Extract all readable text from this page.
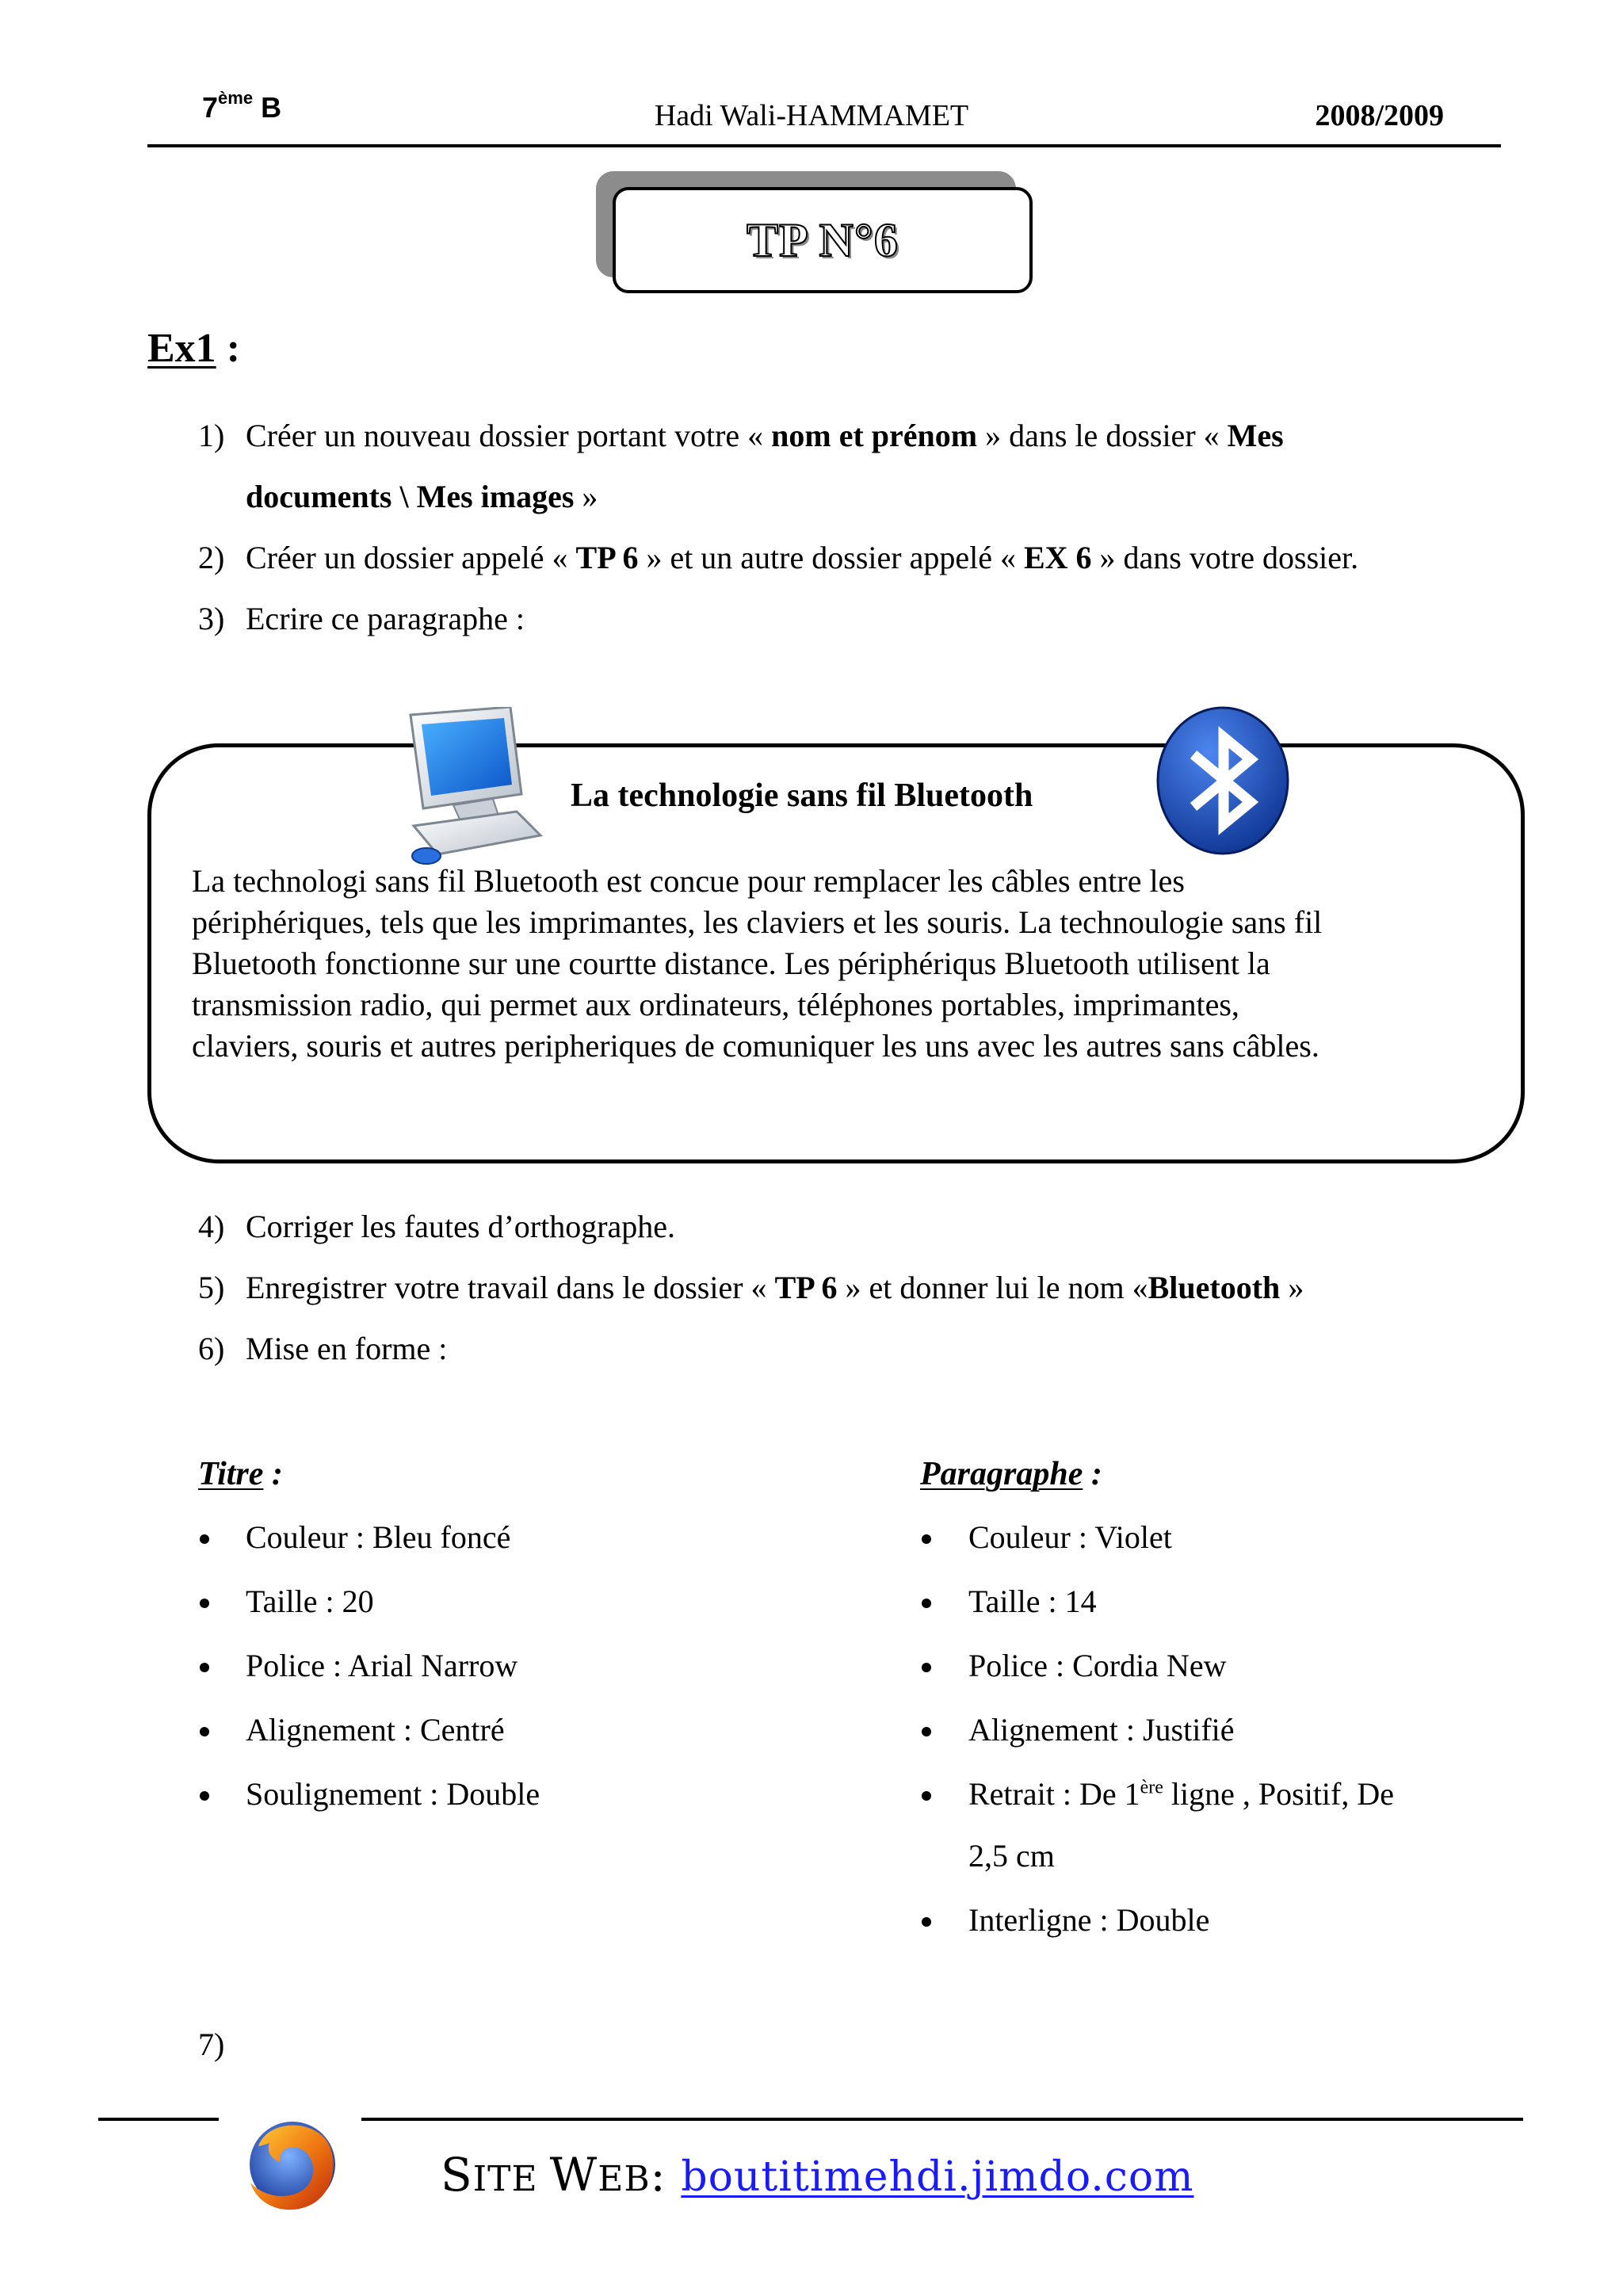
7ème B	Hadi Wali-HAMMAMET	2008/2009
TP N°6
Ex1 :
1) Créer un nouveau dossier portant votre « nom et prénom » dans le dossier « Mes
documents \ Mes images »
2) Créer un dossier appelé « TP 6 » et un autre dossier appelé « EX 6 » dans votre dossier.
3) Ecrire ce paragraphe :
La technologie sans fil Bluetooth
La technologi sans fil Bluetooth est concue pour remplacer les câbles entre les
périphériques, tels que les imprimantes, les claviers et les souris. La technoulogie sans fil
Bluetooth fonctionne sur une courtte distance. Les périphériqus Bluetooth utilisent la
transmission radio, qui permet aux ordinateurs, téléphones portables, imprimantes,
claviers, souris et autres peripheriques de comuniquer les uns avec les autres sans câbles.
4) Corriger les fautes d’orthographe.
5) Enregistrer votre travail dans le dossier « TP 6 » et donner lui le nom «Bluetooth »
6) Mise en forme :
Titre :
Couleur : Bleu foncé
Taille : 20
Police : Arial Narrow
Alignement : Centré
Soulignement : Double
Paragraphe :
Couleur : Violet
Taille : 14
Police : Cordia New
Alignement : Justifié
Retrait : De 1ère ligne , Positif, De
2,5 cm
Interligne : Double
7)
SITE WEB: boutitimehdi.jimdo.com
